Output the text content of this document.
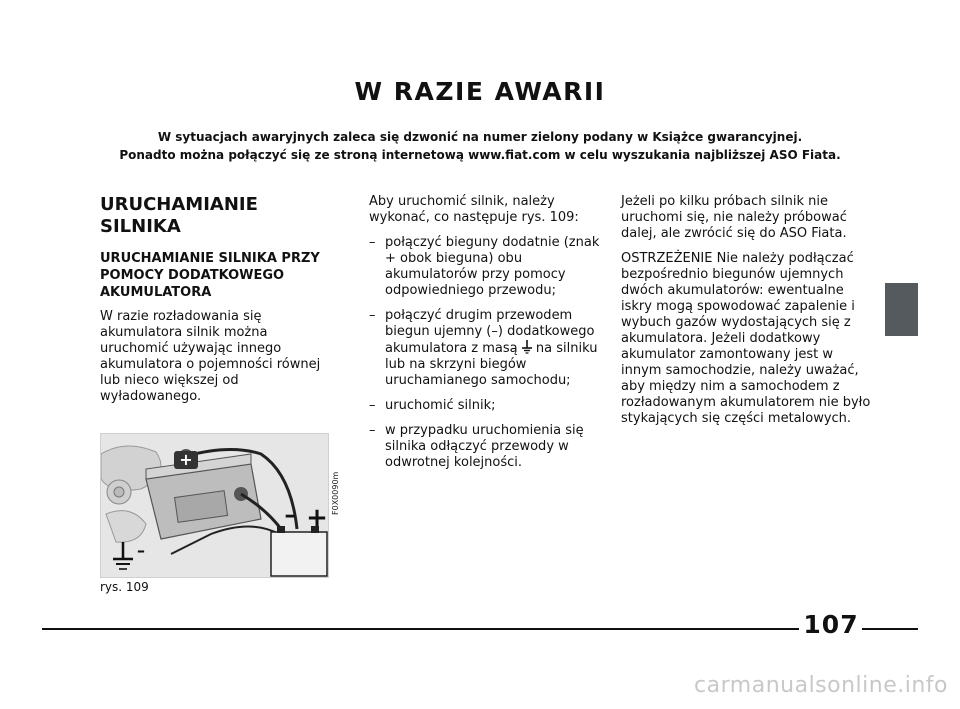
W RAZIE AWARII
W sytuacjach awaryjnych zaleca się dzwonić na numer zielony podany w Książce gwarancyjnej.
Ponadto można połączyć się ze stroną internetową www.fiat.com w celu wyszukania najbliższej ASO Fiata.
URUCHAMIANIE
SILNIKA
URUCHAMIANIE SILNIKA PRZY POMOCY DODATKOWEGO AKUMULATORA

W razie rozładowania się akumulatora silnik można uruchomić używając innego akumulatora o pojemności równej lub nieco większej od wyładowanego.

Aby uruchomić silnik, należy wykonać, co następuje rys. 109:

– połączyć bieguny dodatnie (znak + obok bieguna) obu akumulatorów przy pomocy odpowiedniego przewodu;
– połączyć drugim przewodem biegun ujemny (–) dodatkowego akumulatora z masą na silniku lub na skrzyni biegów uruchamianego samochodu;
– uruchomić silnik;
– w przypadku uruchomienia się silnika odłączyć przewody w odwrotnej kolejności.

Jeżeli po kilku próbach silnik nie uruchomi się, nie należy próbować dalej, ale zwrócić się do ASO Fiata.

OSTRZEŻENIE Nie należy podłączać bezpośrednio biegunów ujemnych dwóch akumulatorów: ewentualne iskry mogą spowodować zapalenie i wybuch gazów wydostających się z akumulatora. Jeżeli dodatkowy akumulator zamontowany jest w innym samochodzie, należy uważać, aby między nim a samochodem z rozładowanym akumulatorem nie było stykających się części metalowych.

+
– +
–
F0X0090m
rys. 109
107
carmanualsonline.info
